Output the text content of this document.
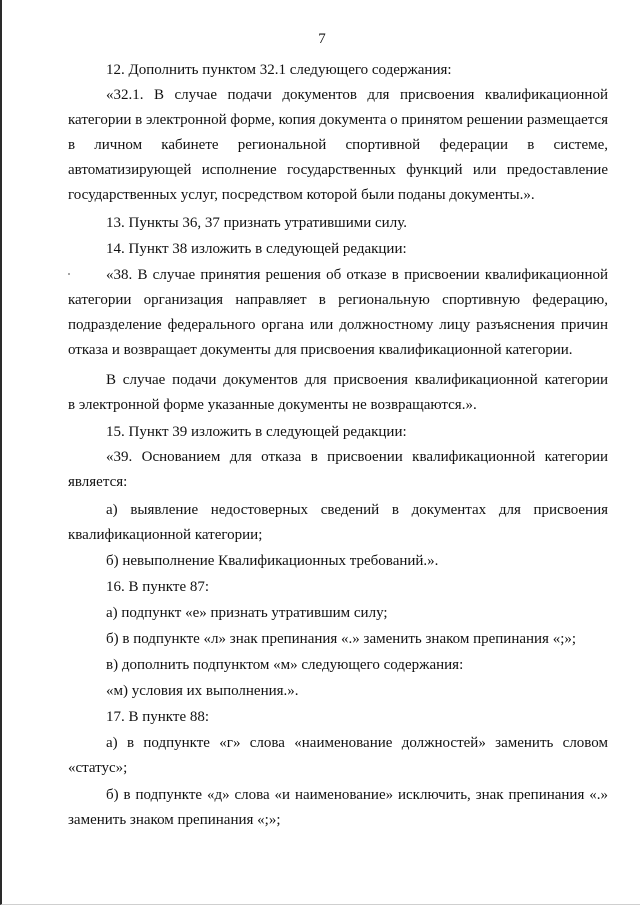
7

12. Дополнить пунктом 32.1 следующего содержания:

«32.1. В случае подачи документов для присвоения квалификационной
категории в электронной форме, копия документа о принятом решении размещается
в личном кабинете региональной спортивной федерации в системе,
автоматизирующей исполнение государственных функций или предоставление
государственных услуг, посредством которой были поданы документы.».

13. Пункты 36, 37 признать утратившими силу.

14. Пункт 38 изложить в следующей редакции:

«38. В случае принятия решения об отказе в присвоении квалификационной
категории организация направляет в региональную спортивную федерацию,
подразделение федерального органа или должностному лицу разъяснения причин
отказа и возвращает документы для присвоения квалификационной категории.

В случае подачи документов для присвоения квалификационной категории
в электронной форме указанные документы не возвращаются.».

15. Пункт 39 изложить в следующей редакции:

«39. Основанием для отказа в присвоении квалификационной категории
является:

а) выявление недостоверных сведений в документах для присвоения
квалификационной категории;

б) невыполнение Квалификационных требований.».

16. В пункте 87:

а) подпункт «е» признать утратившим силу;

б) в подпункте «л» знак препинания «.» заменить знаком препинания «;»;

в) дополнить подпунктом «м» следующего содержания:

«м) условия их выполнения.».

17. В пункте 88:

а) в подпункте «г» слова «наименование должностей» заменить словом
«статус»;

б) в подпункте «д» слова «и наименование» исключить, знак препинания «.»
заменить знаком препинания «;»;
